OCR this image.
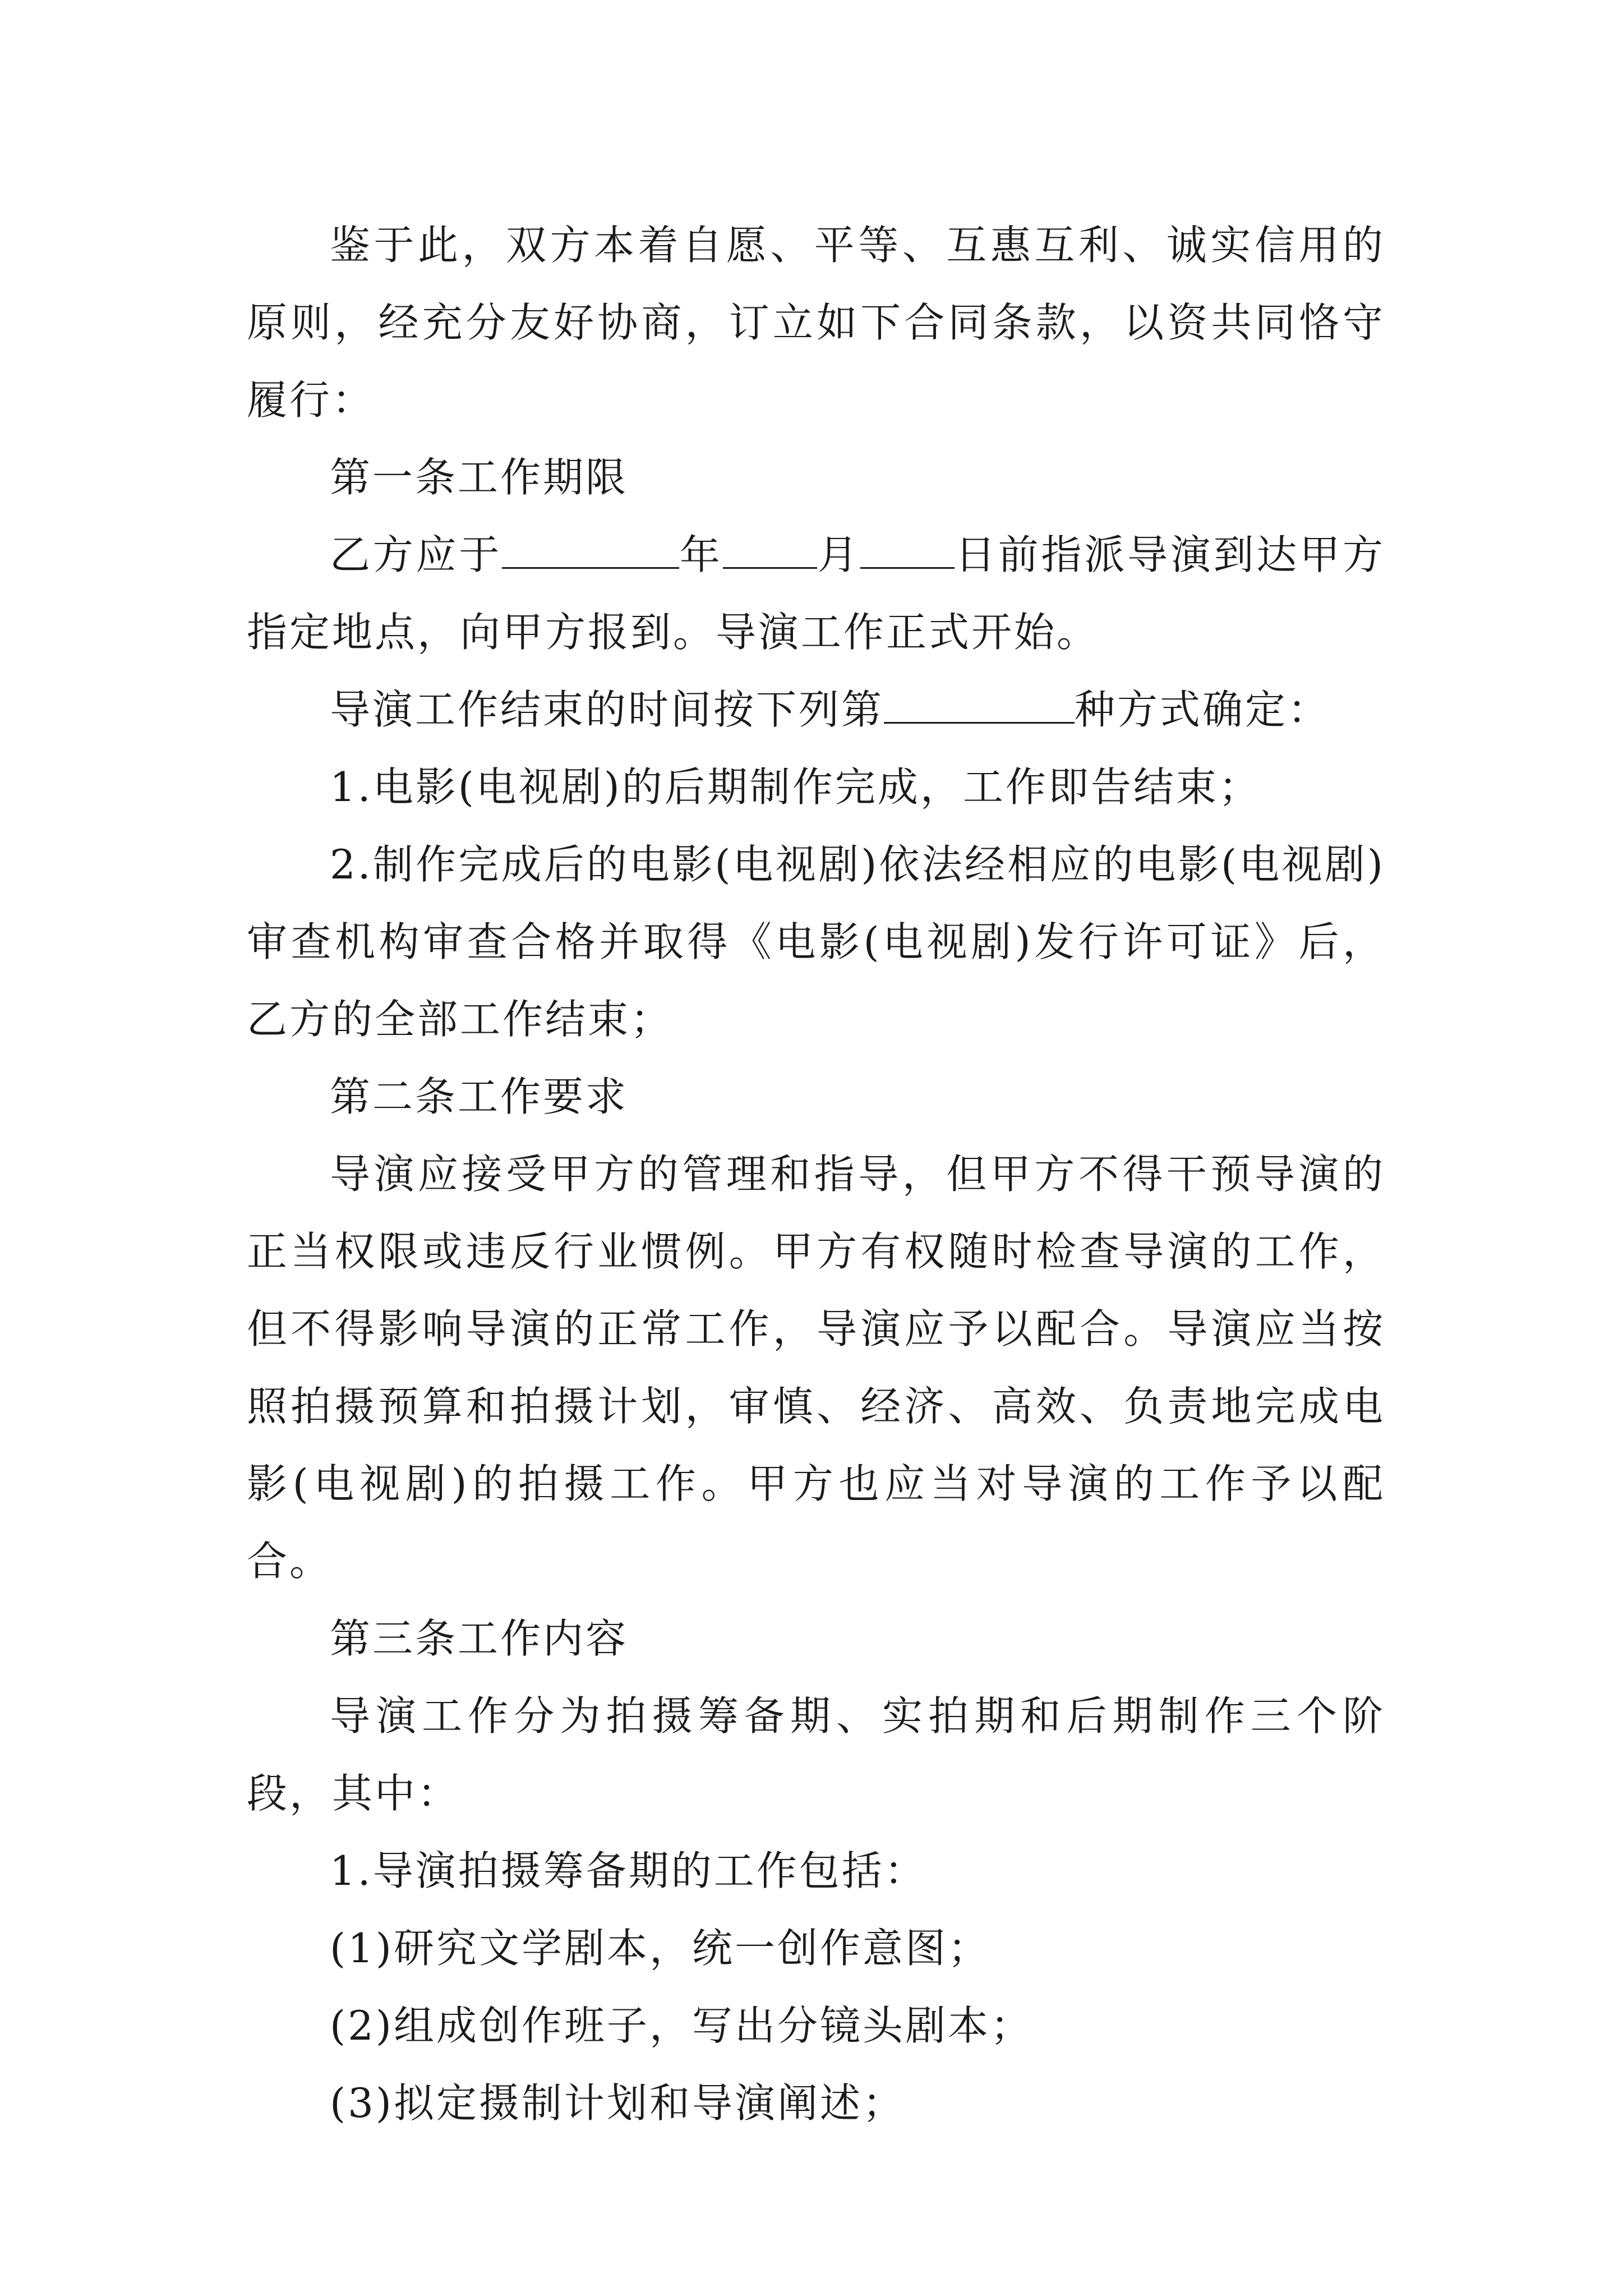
鉴于此，双方本着自愿、平等、互惠互利、诚实信用的原则，经充分友好协商，订立如下合同条款，以资共同恪守履行：

第一条工作期限

乙方应于	年 月 日前指派导演到达甲方指定地点，向甲方报到。导演工作正式开始。

导演工作结束的时间按下列第	种方式确定：

1.电影(电视剧)的后期制作完成，工作即告结束；

2.制作完成后的电影(电视剧)依法经相应的电影(电视剧)审查机构审查合格并取得《电影(电视剧)发行许可证》后，乙方的全部工作结束；

第二条工作要求

导演应接受甲方的管理和指导，但甲方不得干预导演的正当权限或违反行业惯例。甲方有权随时检查导演的工作，但不得影响导演的正常工作，导演应予以配合。导演应当按照拍摄预算和拍摄计划，审慎、经济、高效、负责地完成电影(电视剧)的拍摄工作。甲方也应当对导演的工作予以配合。

第三条工作内容

导演工作分为拍摄筹备期、实拍期和后期制作三个阶段，其中：

1.导演拍摄筹备期的工作包括：

(1)研究文学剧本，统一创作意图；

(2)组成创作班子，写出分镜头剧本；

(3)拟定摄制计划和导演阐述；
